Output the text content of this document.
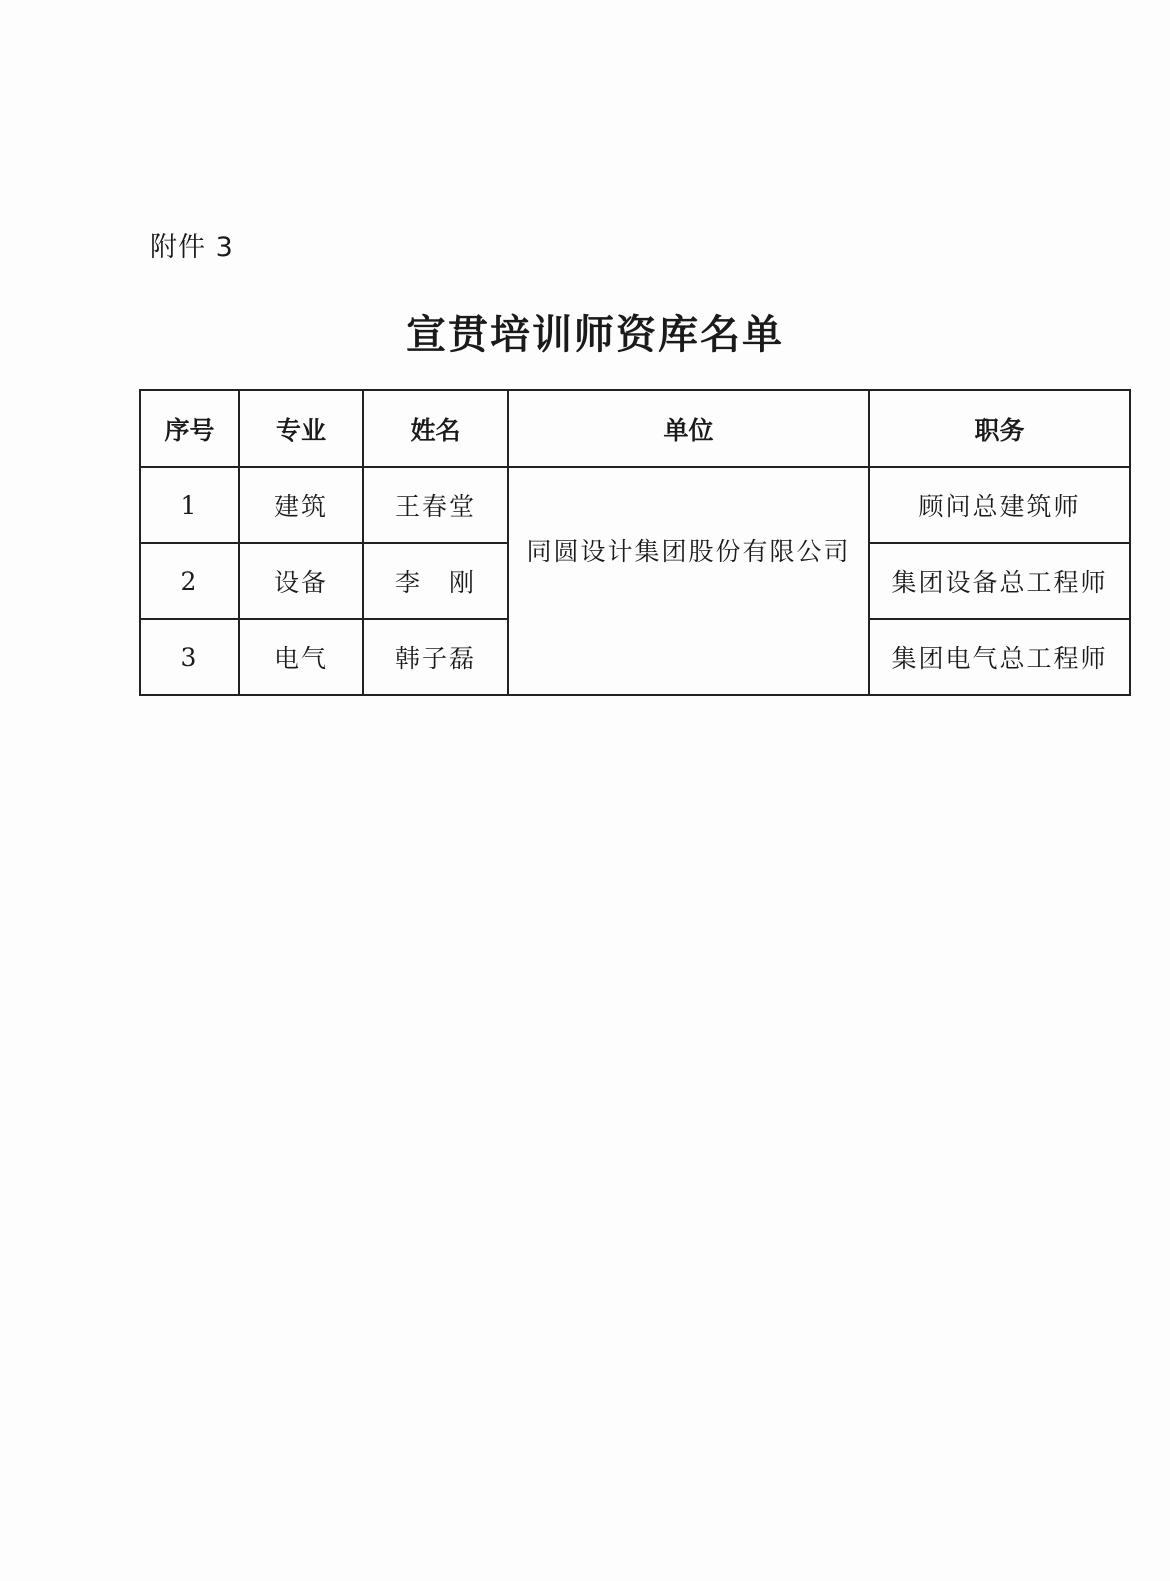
附件 3
宣贯培训师资库名单
序号	专业	姓名	单位	职务
1	建筑	王春堂	同圆设计集团股份有限公司	顾问总建筑师
2	设备	李　刚		集团设备总工程师
3	电气	韩子磊		集团电气总工程师
